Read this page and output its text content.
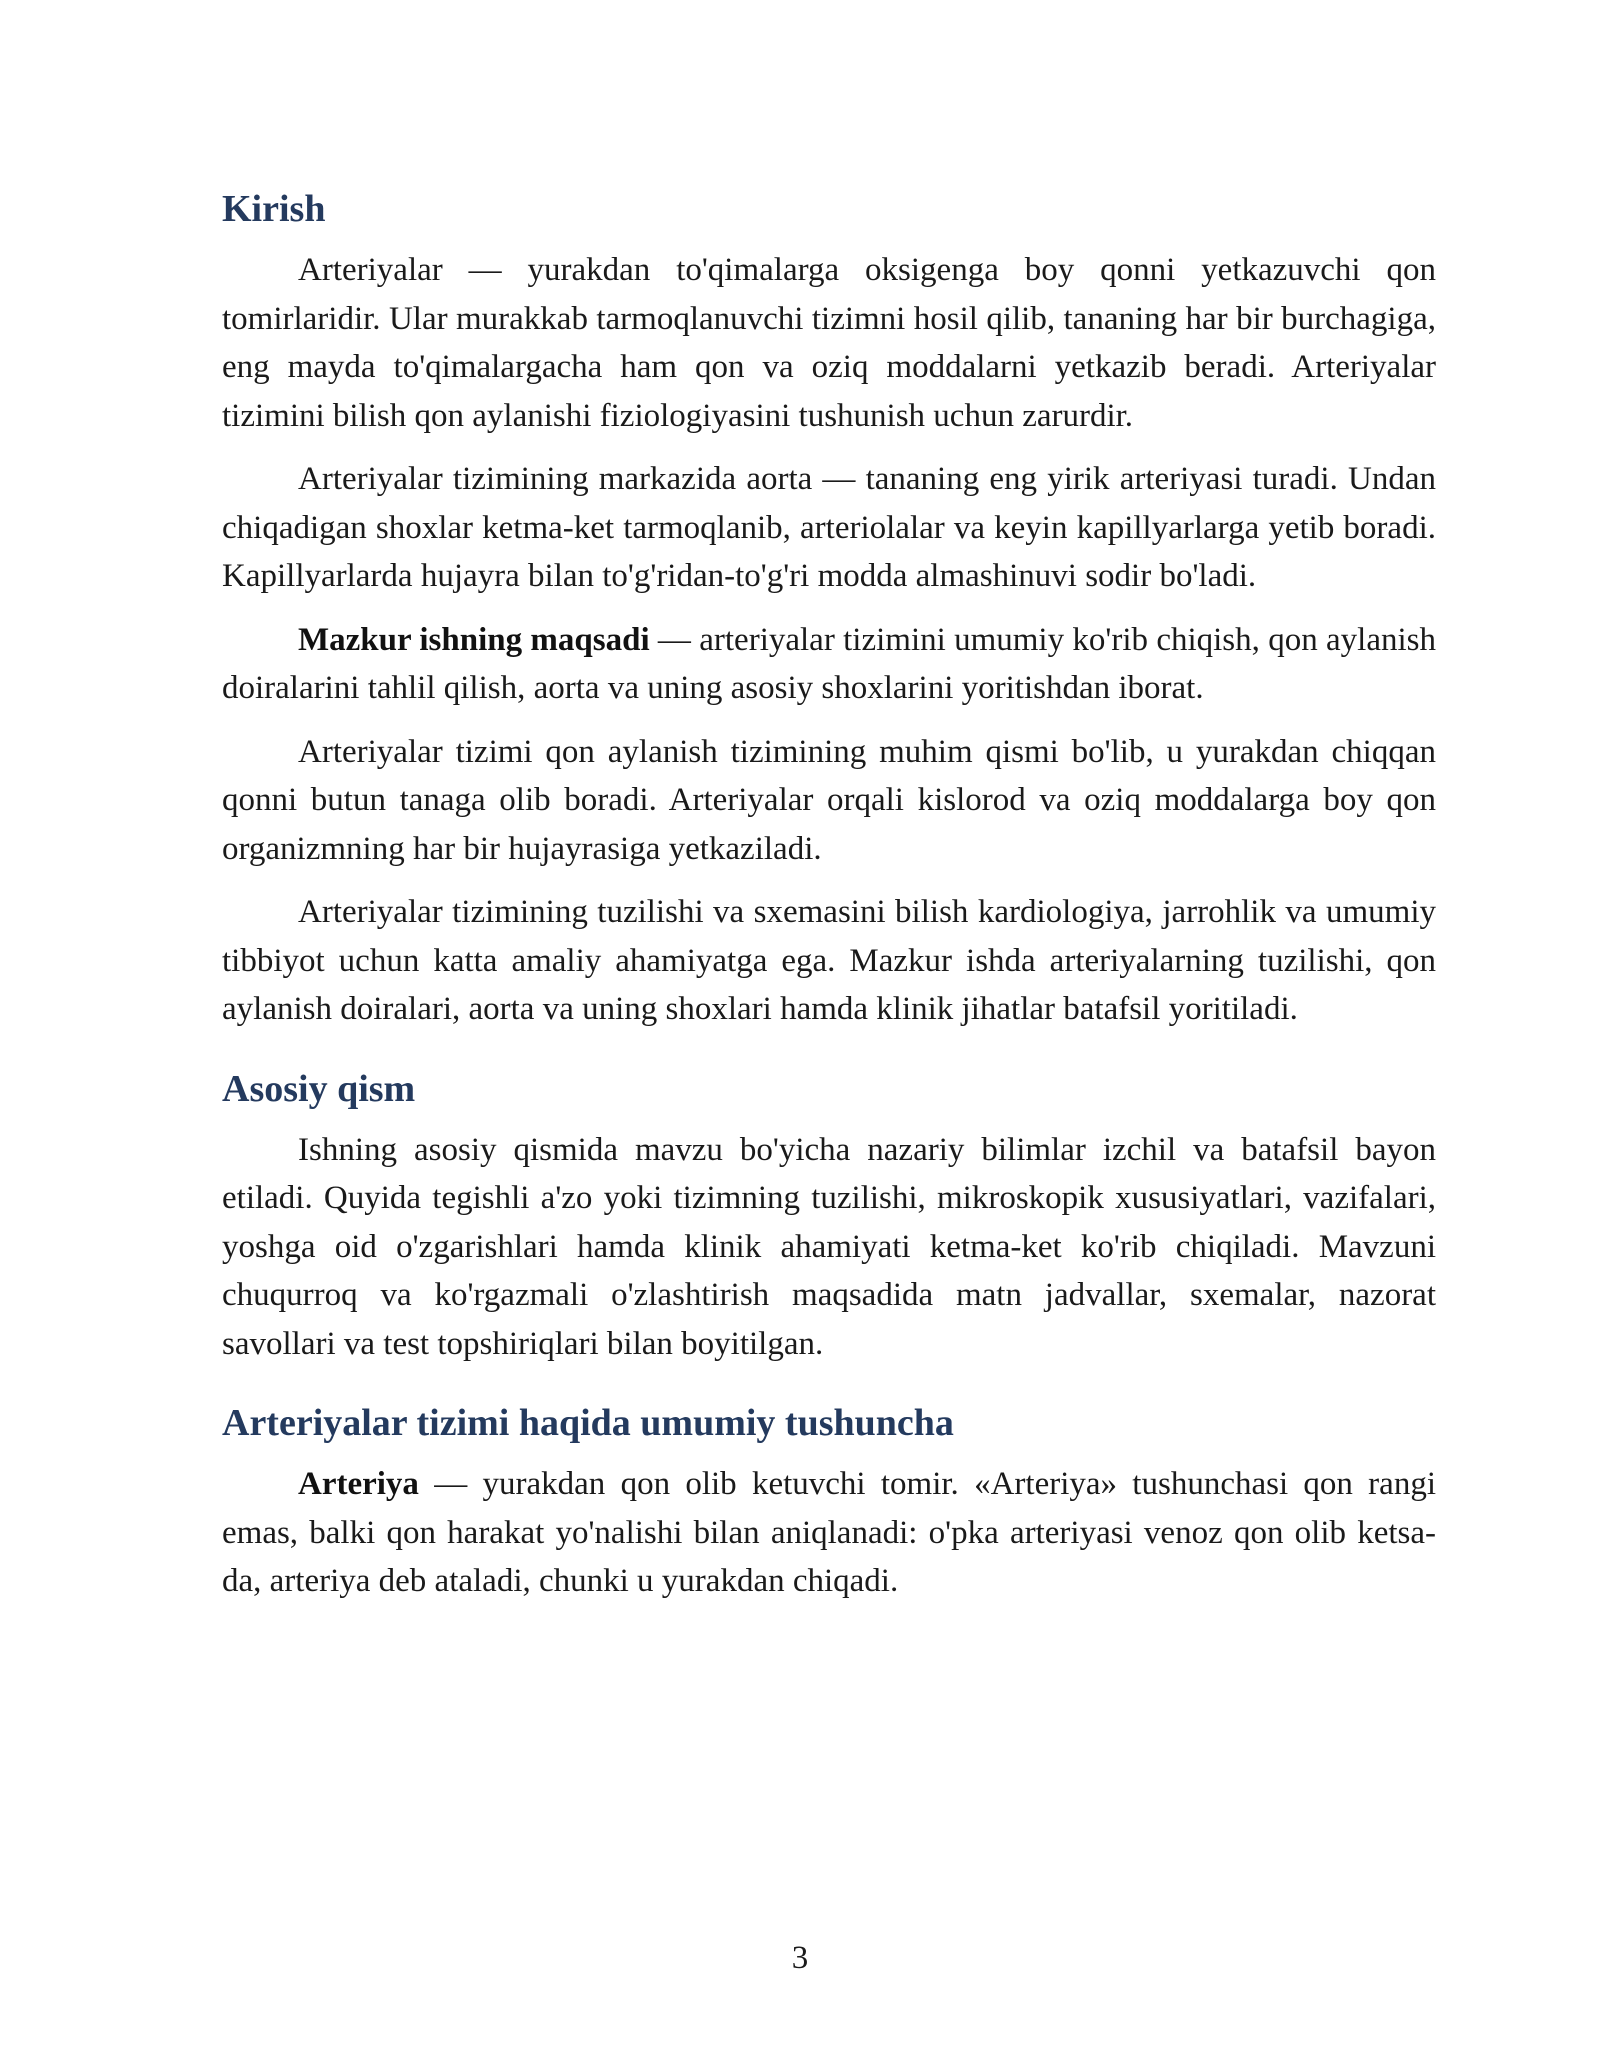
Kirish

Arteriyalar — yurakdan to'qimalarga oksigenga boy qonni yetkazuvchi qon tomirlaridir. Ular murakkab tarmoqlanuvchi tizimni hosil qilib, tananing har bir burchagiga, eng mayda to'qimalargacha ham qon va oziq moddalarni yetkazib beradi. Arteriyalar tizimini bilish qon aylanishi fiziologiyasini tushunish uchun zarurdir.

Arteriyalar tizimining markazida aorta — tananing eng yirik arteriyasi turadi. Undan chiqadigan shoxlar ketma-ket tarmoqlanib, arteriolalar va keyin kapillyarlarga yetib boradi. Kapillyarlarda hujayra bilan to'g'ridan-to'g'ri modda almashinuvi sodir bo'ladi.

Mazkur ishning maqsadi — arteriyalar tizimini umumiy ko'rib chiqish, qon aylanish doiralarini tahlil qilish, aorta va uning asosiy shoxlarini yoritishdan iborat.

Arteriyalar tizimi qon aylanish tizimining muhim qismi bo'lib, u yurakdan chiqqan qonni butun tanaga olib boradi. Arteriyalar orqali kislorod va oziq moddalarga boy qon organizmning har bir hujayrasiga yetkaziladi.

Arteriyalar tizimining tuzilishi va sxemasini bilish kardiologiya, jarrohlik va umumiy tibbiyot uchun katta amaliy ahamiyatga ega. Mazkur ishda arteriyalarning tuzilishi, qon aylanish doiralari, aorta va uning shoxlari hamda klinik jihatlar batafsil yoritiladi.

Asosiy qism

Ishning asosiy qismida mavzu bo'yicha nazariy bilimlar izchil va batafsil bayon etiladi. Quyida tegishli a'zo yoki tizimning tuzilishi, mikroskopik xususiyatlari, vazifalari, yoshga oid o'zgarishlari hamda klinik ahamiyati ketma-ket ko'rib chiqiladi. Mavzuni chuqurroq va ko'rgazmali o'zlashtirish maqsadida matn jadvallar, sxemalar, nazorat savollari va test topshiriqlari bilan boyitilgan.

Arteriyalar tizimi haqida umumiy tushuncha

Arteriya — yurakdan qon olib ketuvchi tomir. «Arteriya» tushunchasi qon rangi emas, balki qon harakat yo'nalishi bilan aniqlanadi: o'pka arteriyasi venoz qon olib ketsa-da, arteriya deb ataladi, chunki u yurakdan chiqadi.

3
